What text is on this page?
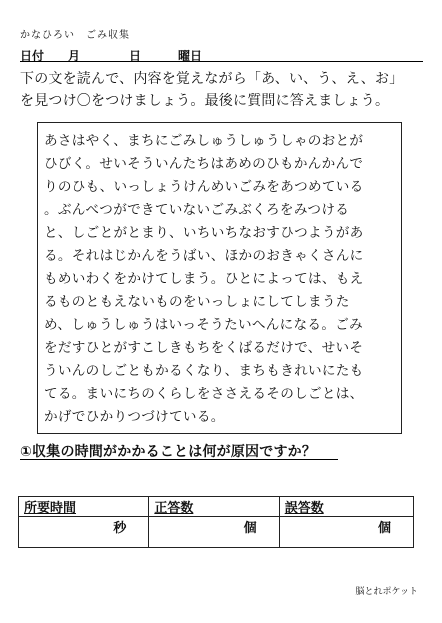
かなひろい　ごみ収集
日付 月	日	曜日
下の文を読んで、内容を覚えながら「あ、い、う、え、お」
を見つけ〇をつけましょう。最後に質問に答えましょう。
あさはやく、まちにごみしゅうしゅうしゃのおとが
ひびく。せいそういんたちはあめのひもかんかんで
りのひも、いっしょうけんめいごみをあつめている
。ぶんべつができていないごみぶくろをみつける
と、しごとがとまり、いちいちなおすひつようがあ
る。それはじかんをうばい、ほかのおきゃくさんに
もめいわくをかけてしまう。ひとによっては、もえ
るものともえないものをいっしょにしてしまうた
め、しゅうしゅうはいっそうたいへんになる。ごみ
をだすひとがすこしきもちをくばるだけで、せいそ
ういんのしごともかるくなり、まちもきれいにたも
てる。まいにちのくらしをささえるそのしごとは、
かげでひかりつづけている。
①収集の時間がかかることは何が原因ですか？
所要時間	正答数	誤答数
秒	個	個
脳とれポケット
